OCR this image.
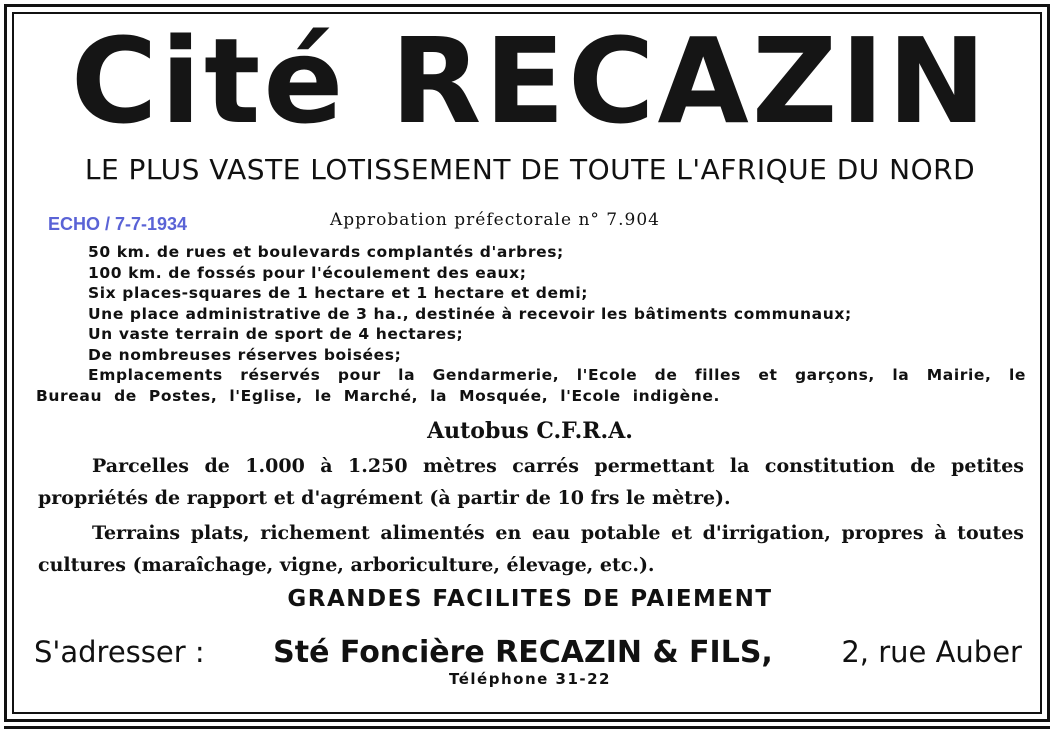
Cité RECAZIN
LE PLUS VASTE LOTISSEMENT DE TOUTE L'AFRIQUE DU NORD
ECHO / 7-7-1934	Approbation préfectorale n° 7.904
50 km. de rues et boulevards complantés d'arbres;
100 km. de fossés pour l'écoulement des eaux;
Six places-squares de 1 hectare et 1 hectare et demi;
Une place administrative de 3 ha., destinée à recevoir les bâtiments communaux;
Un vaste terrain de sport de 4 hectares;
De nombreuses réserves boisées;
Emplacements réservés pour la Gendarmerie, l'Ecole de filles et garçons, la Mairie, le Bureau de Postes, l'Eglise, le Marché, la Mosquée, l'Ecole indigène.
Autobus C.F.R.A.

Parcelles de 1.000 à 1.250 mètres carrés permettant la constitution de petites propriétés de rapport et d'agrément (à partir de 10 frs le mètre).

Terrains plats, richement alimentés en eau potable et d'irrigation, propres à toutes cultures (maraîchage, vigne, arboriculture, élevage, etc.).

GRANDES FACILITES DE PAIEMENT
S'adresser : Sté Foncière RECAZIN & FILS, 2, rue Auber
Téléphone 31-22
